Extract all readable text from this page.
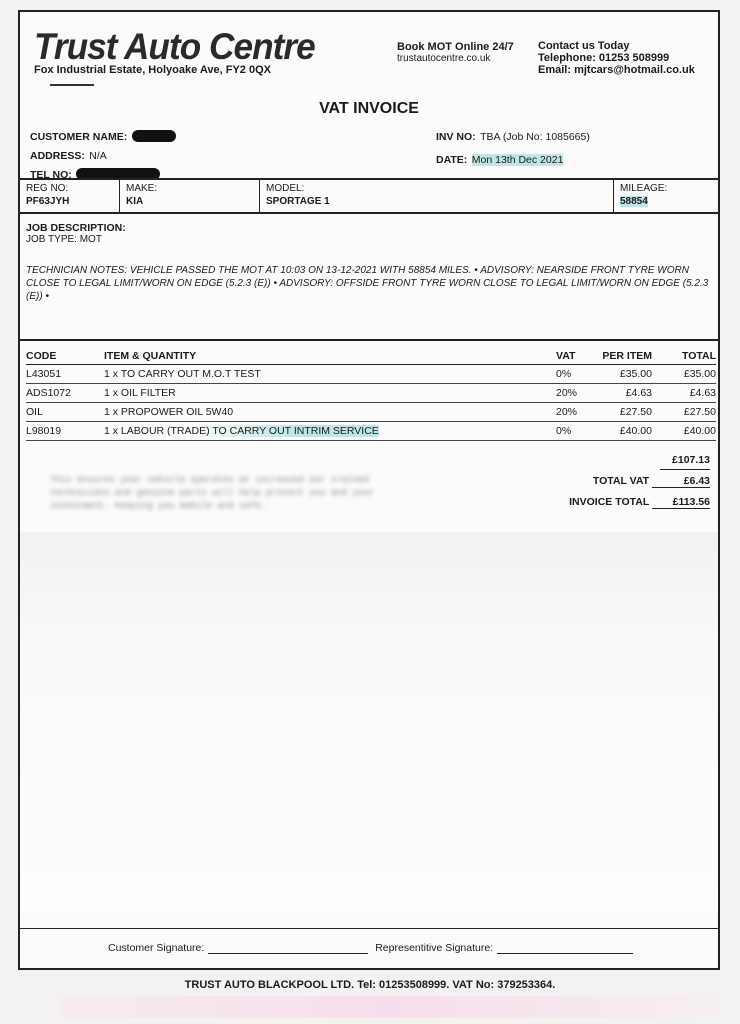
Trust Auto Centre
Fox Industrial Estate, Holyoake Ave, FY2 0QX
Book MOT Online 24/7
trustautocentre.co.uk
Contact us Today
Telephone: 01253 508999
Email: mjtcars@hotmail.co.uk
VAT INVOICE
CUSTOMER NAME:
ADDRESS: N/A
TEL NO:
INV NO: TBA (Job No: 1085665)
DATE: Mon 13th Dec 2021
REG NO:
PF63JYH
MAKE:
KIA
MODEL:
SPORTAGE 1
MILEAGE:
58854
JOB DESCRIPTION:
JOB TYPE: MOT
TECHNICIAN NOTES: VEHICLE PASSED THE MOT AT 10:03 ON 13-12-2021 WITH 58854 MILES. • ADVISORY: NEARSIDE FRONT TYRE WORN CLOSE TO LEGAL LIMIT/WORN ON EDGE (5.2.3 (E)) • ADVISORY: OFFSIDE FRONT TYRE WORN CLOSE TO LEGAL LIMIT/WORN ON EDGE (5.2.3 (E)) •
CODE	ITEM & QUANTITY	VAT	PER ITEM	TOTAL
L43051	1 x TO CARRY OUT M.O.T TEST	0%	£35.00	£35.00
ADS1072	1 x OIL FILTER	20%	£4.63	£4.63
OIL	1 x PROPOWER OIL 5W40	20%	£27.50	£27.50
L98019	1 x LABOUR (TRADE) TO CARRY OUT INTRIM SERVICE	0%	£40.00	£40.00
£107.13
TOTAL VAT	£6.43
INVOICE TOTAL £113.56
This ensures your vehicle operates at increased our trained technicians and genuine parts will help protect you and your investment. Keeping you mobile and safe.
Customer Signature:	Representitive Signature:
TRUST AUTO BLACKPOOL LTD. Tel: 01253508999. VAT No: 379253364.
